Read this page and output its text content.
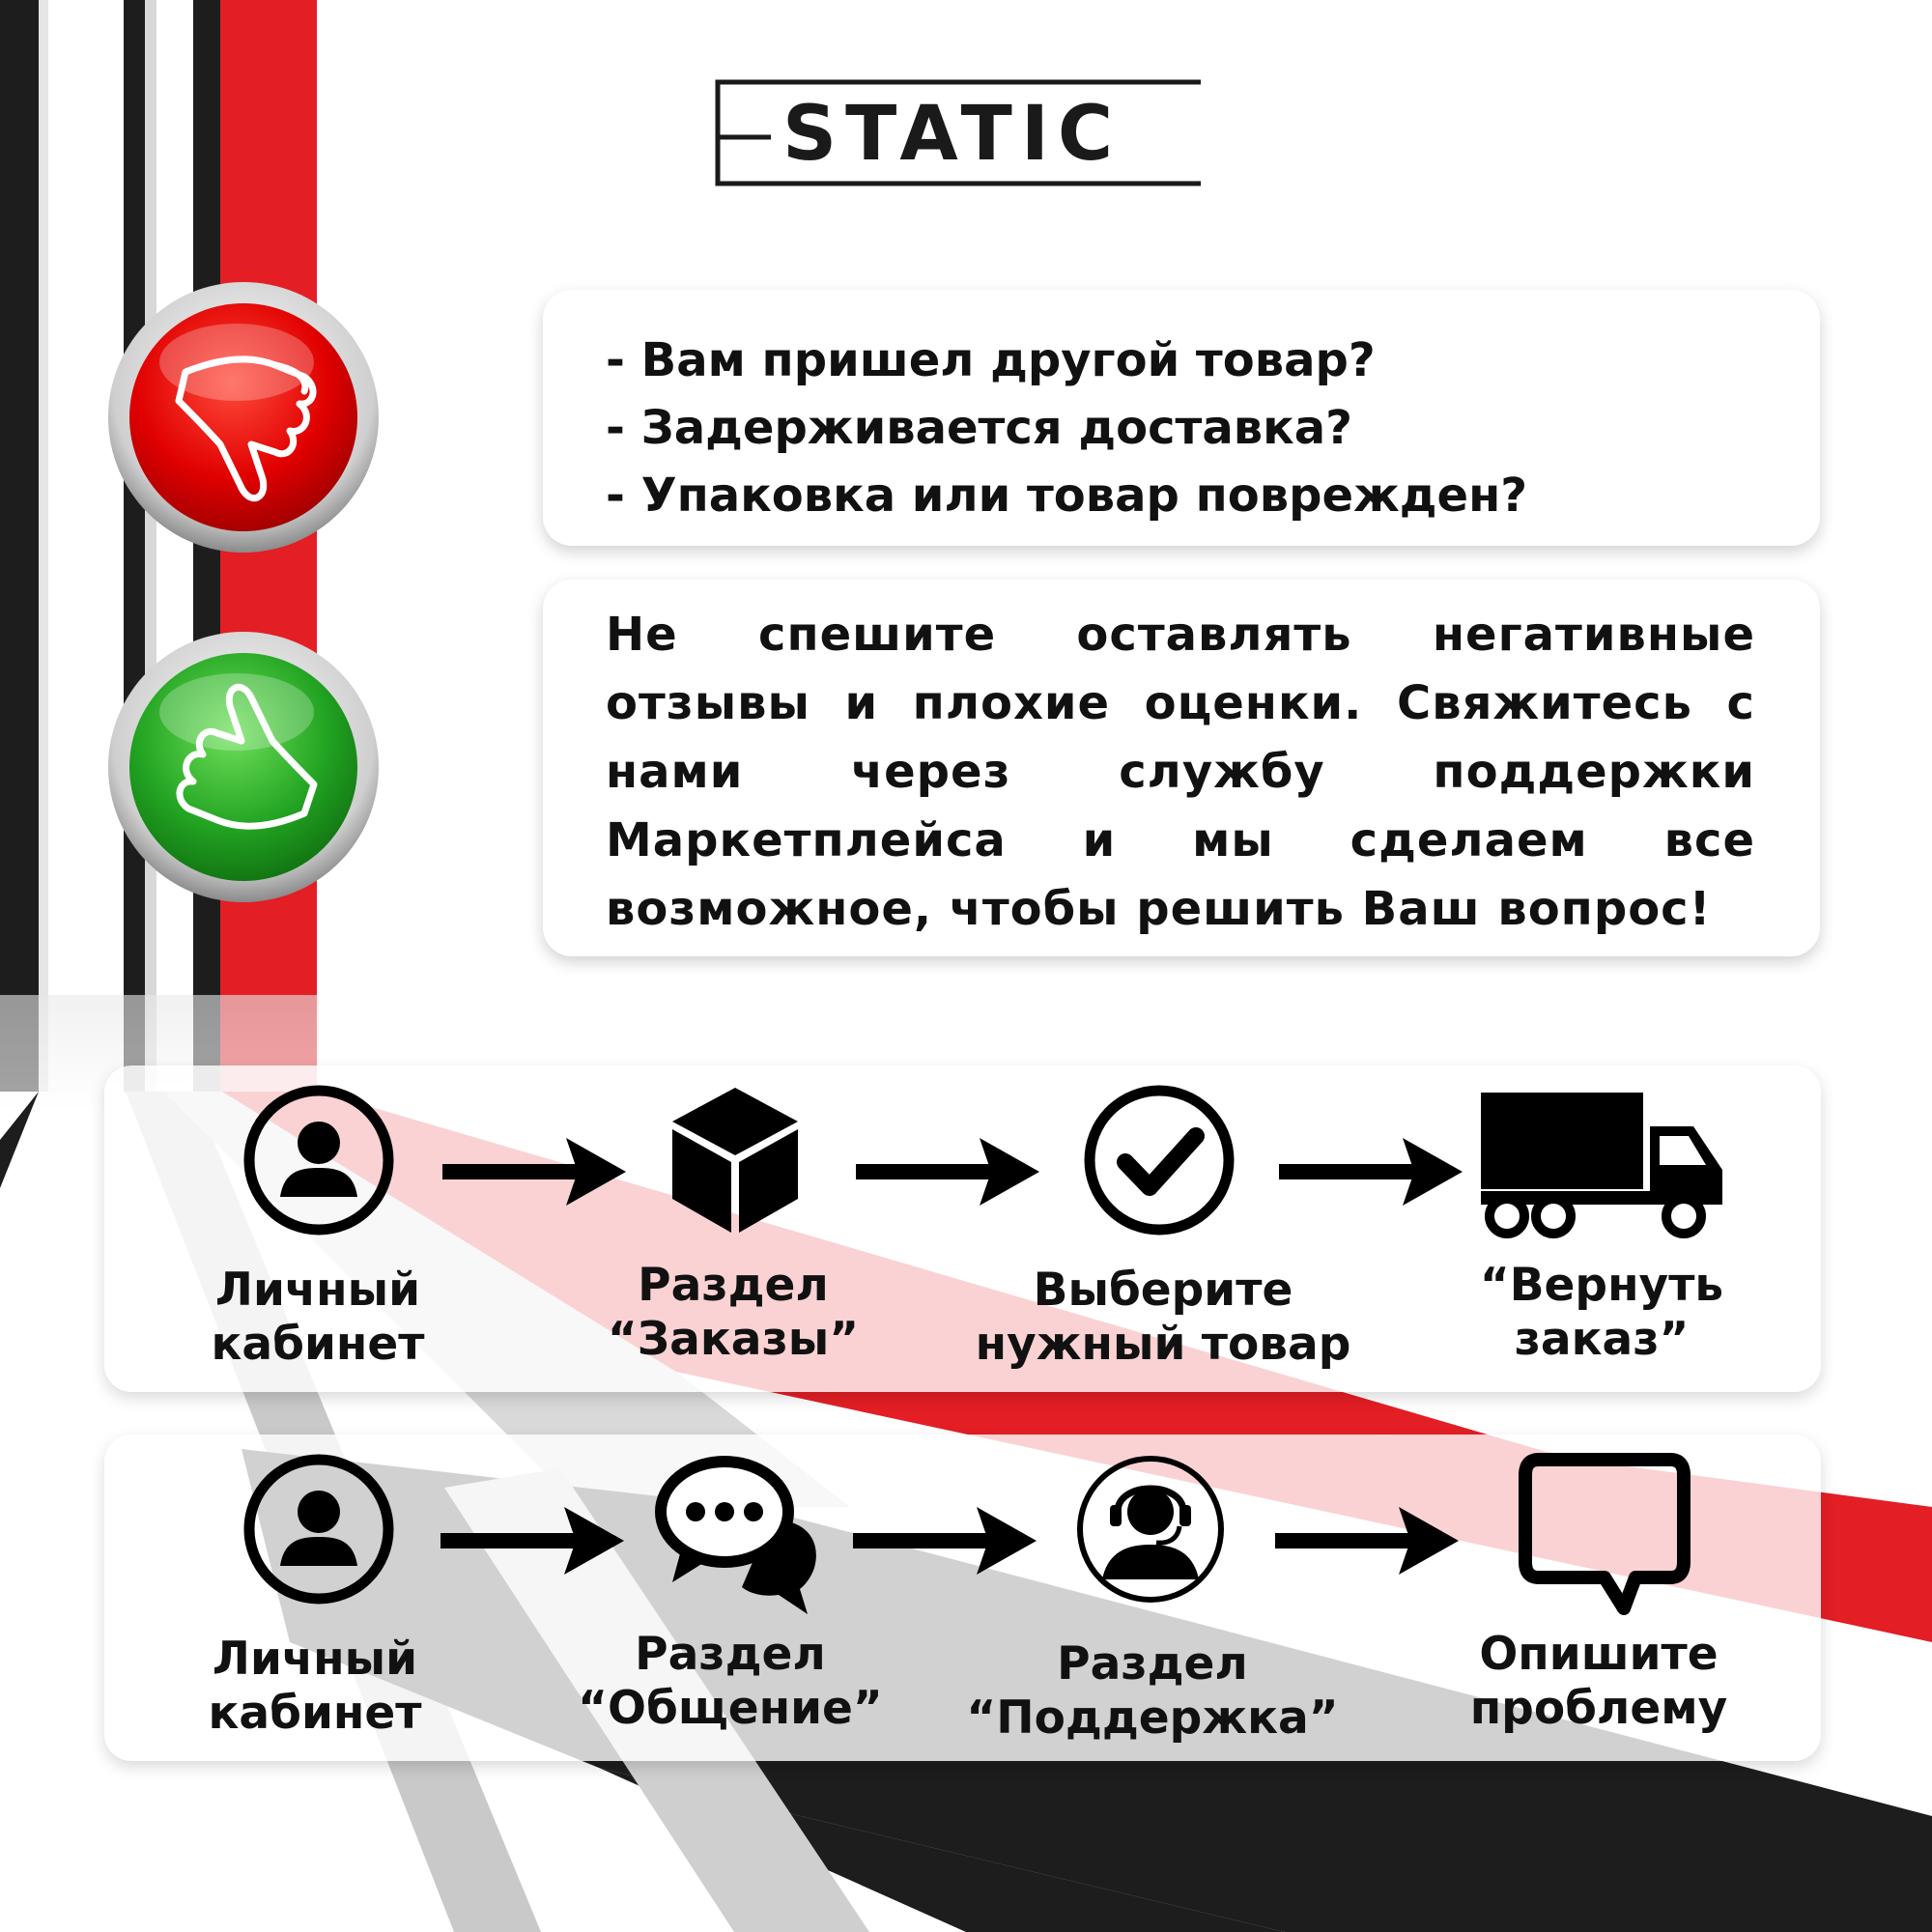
STATIC
- Вам пришел другой товар?
- Задерживается доставка?
- Упаковка или товар поврежден?

Не спешите оставлять негативные отзывы и плохие оценки. Свяжитесь с нами через службу поддержки Маркетплейса и мы сделаем все возможное, чтобы решить Ваш вопрос!

Личный
кабинет
Раздел
“Заказы”
Выберите
нужный товар
“Вернуть
заказ”
Личный
кабинет
Раздел
“Общение”
Раздел
“Поддержка”
Опишите
проблему
